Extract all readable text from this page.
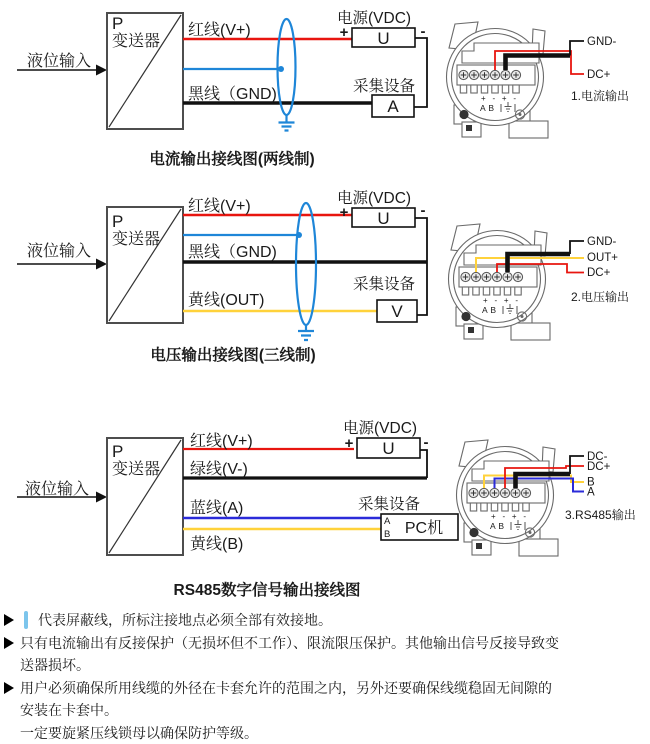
+ - + -
A B
液位输入
P
变送器
红线(V+)
黑线（GND)
电源(VDC)
U
+	-
采集设备
A
电流输出接线图(两线制)
GND-
DC+
1.电流输出
液位输入
P
变送器
红线(V+)
黑线（GND)
黄线(OUT)
电源(VDC)
U
+	-
采集设备
V
电压输出接线图(三线制)
GND-
OUT+
DC+
2.电压输出
液位输入
P
变送器
红线(V+)
绿线(V-)
蓝线(A)
黄线(B)
电源(VDC)
U
+	-
采集设备
A
B PC机
RS485数字信号输出接线图
DC-
DC+
B
A
3.RS485输出
代表屏蔽线，所标注接地点必须全部有效接地。
只有电流输出有反接保护（无损坏但不工作）、限流限压保护。其他输出信号反接导致变送器损坏。
用户必须确保所用线缆的外径在卡套允许的范围之内，另外还要确保线缆稳固无间隙的安装在卡套中。
一定要旋紧压线锁母以确保防护等级。
